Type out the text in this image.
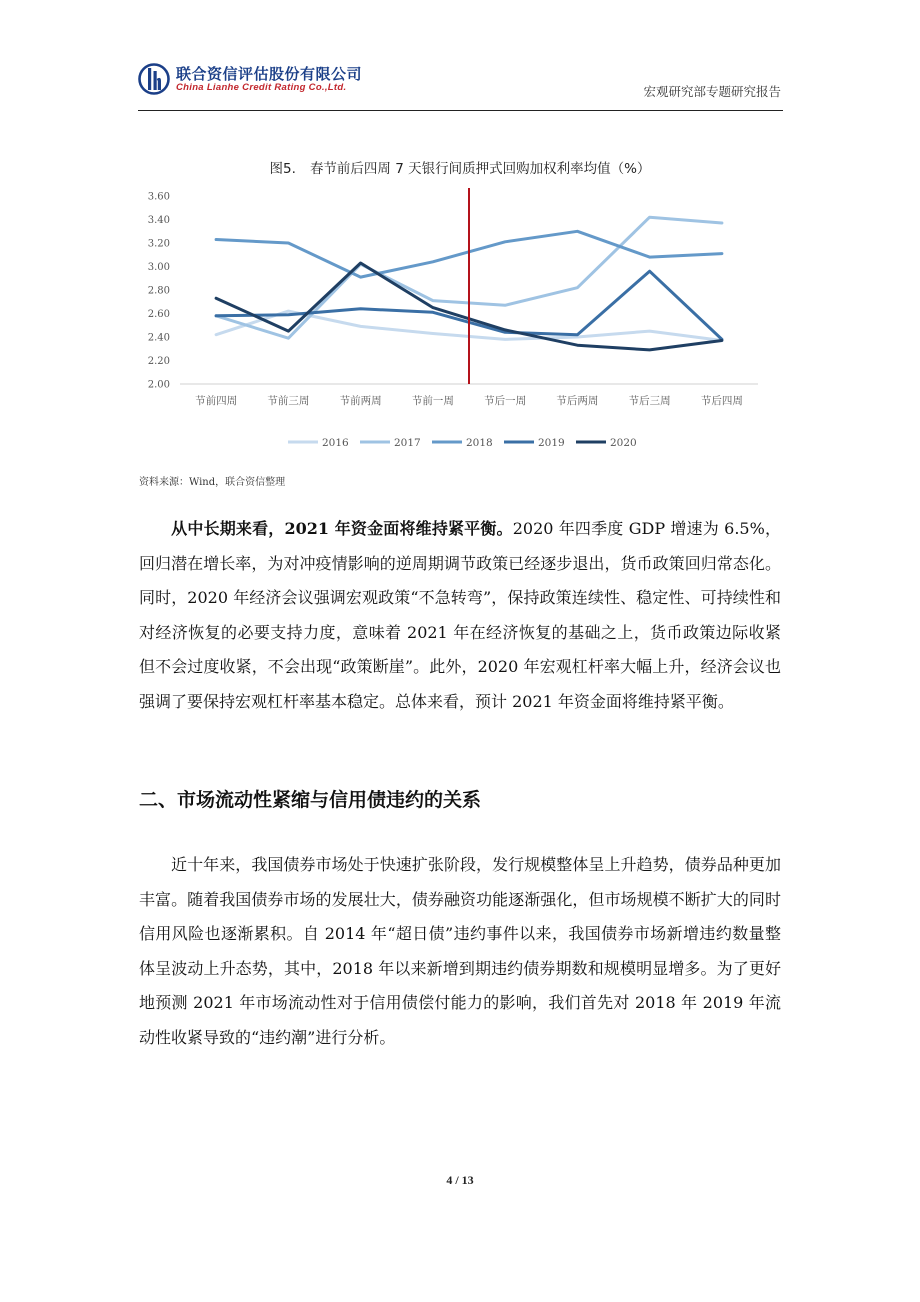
联合资信评估股份有限公司
China Lianhe Credit Rating Co.,Ltd.	宏观研究部专题研究报告
图5. 春节前后四周 7 天银行间质押式回购加权利率均值（%）
2.00
2.20
2.40
2.60
2.80
3.00
3.20
3.40
3.60
节前四周	节前三周	节前两周	节前一周	节后一周	节后两周	节后三周	节后四周
2016	2017	2018	2019	2020
资料来源：Wind，联合资信整理
从中长期来看，2021 年资金面将维持紧平衡。2020 年四季度 GDP 增速为 6.5%，回归潜在增长率，为对冲疫情影响的逆周期调节政策已经逐步退出，货币政策回归常态化。同时，2020 年经济会议强调宏观政策“不急转弯”，保持政策连续性、稳定性、可持续性和对经济恢复的必要支持力度，意味着 2021 年在经济恢复的基础之上，货币政策边际收紧但不会过度收紧，不会出现“政策断崖”。此外，2020 年宏观杠杆率大幅上升，经济会议也强调了要保持宏观杠杆率基本稳定。总体来看，预计 2021 年资金面将维持紧平衡。
二、市场流动性紧缩与信用债违约的关系
近十年来，我国债券市场处于快速扩张阶段，发行规模整体呈上升趋势，债券品种更加丰富。随着我国债券市场的发展壮大，债券融资功能逐渐强化，但市场规模不断扩大的同时信用风险也逐渐累积。自 2014 年“超日债”违约事件以来，我国债券市场新增违约数量整体呈波动上升态势，其中，2018 年以来新增到期违约债券期数和规模明显增多。为了更好地预测 2021 年市场流动性对于信用债偿付能力的影响，我们首先对 2018 年 2019 年流动性收紧导致的“违约潮”进行分析。
4 / 13
